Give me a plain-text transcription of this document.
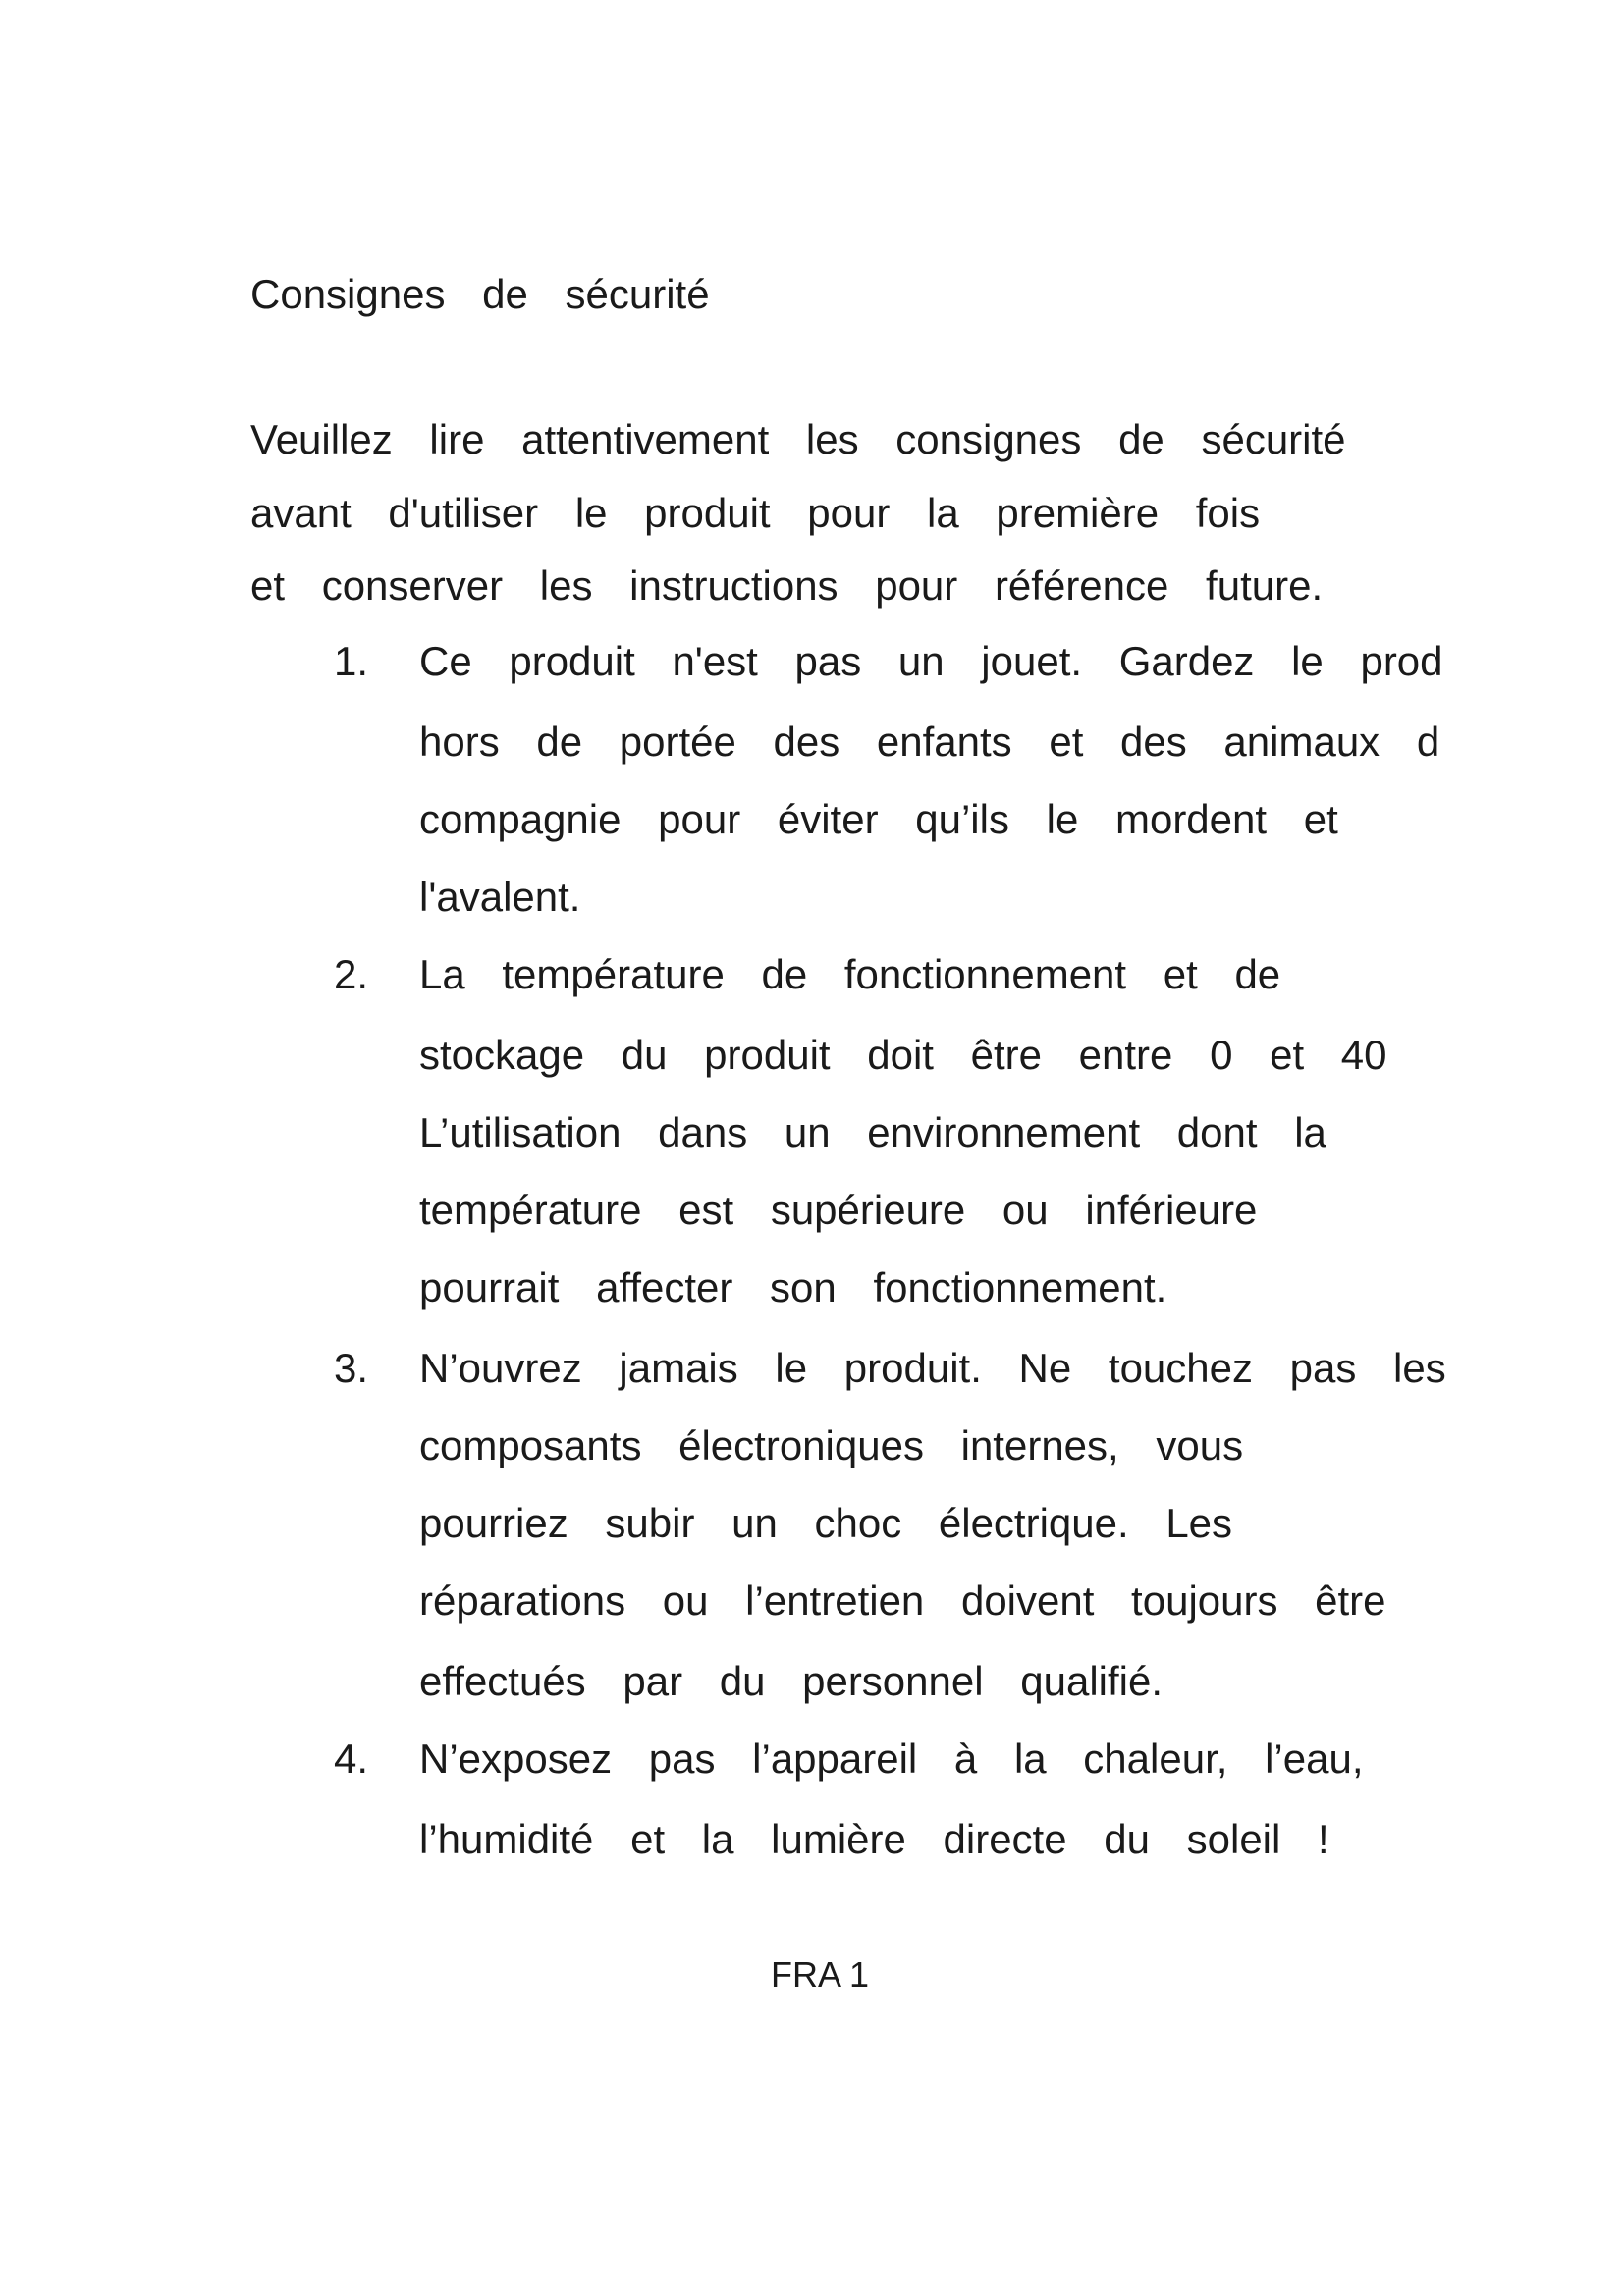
Consignes de sécurité
Veuillez lire attentivement les consignes de sécurité
avant d'utiliser le produit pour la première fois
et conserver les instructions pour référence future.
1. Ce produit n'est pas un jouet. Gardez le prod
hors de portée des enfants et des animaux d
compagnie pour éviter qu’ils le mordent et
l'avalent.
2. La température de fonctionnement et de
stockage du produit doit être entre 0 et 40
L’utilisation dans un environnement dont la
température est supérieure ou inférieure
pourrait affecter son fonctionnement.
3. N’ouvrez jamais le produit. Ne touchez pas les
composants électroniques internes, vous
pourriez subir un choc électrique. Les
réparations ou l’entretien doivent toujours être
effectués par du personnel qualifié.
4. N’exposez pas l’appareil à la chaleur, l’eau,
l’humidité et la lumière directe du soleil !
FRA 1
